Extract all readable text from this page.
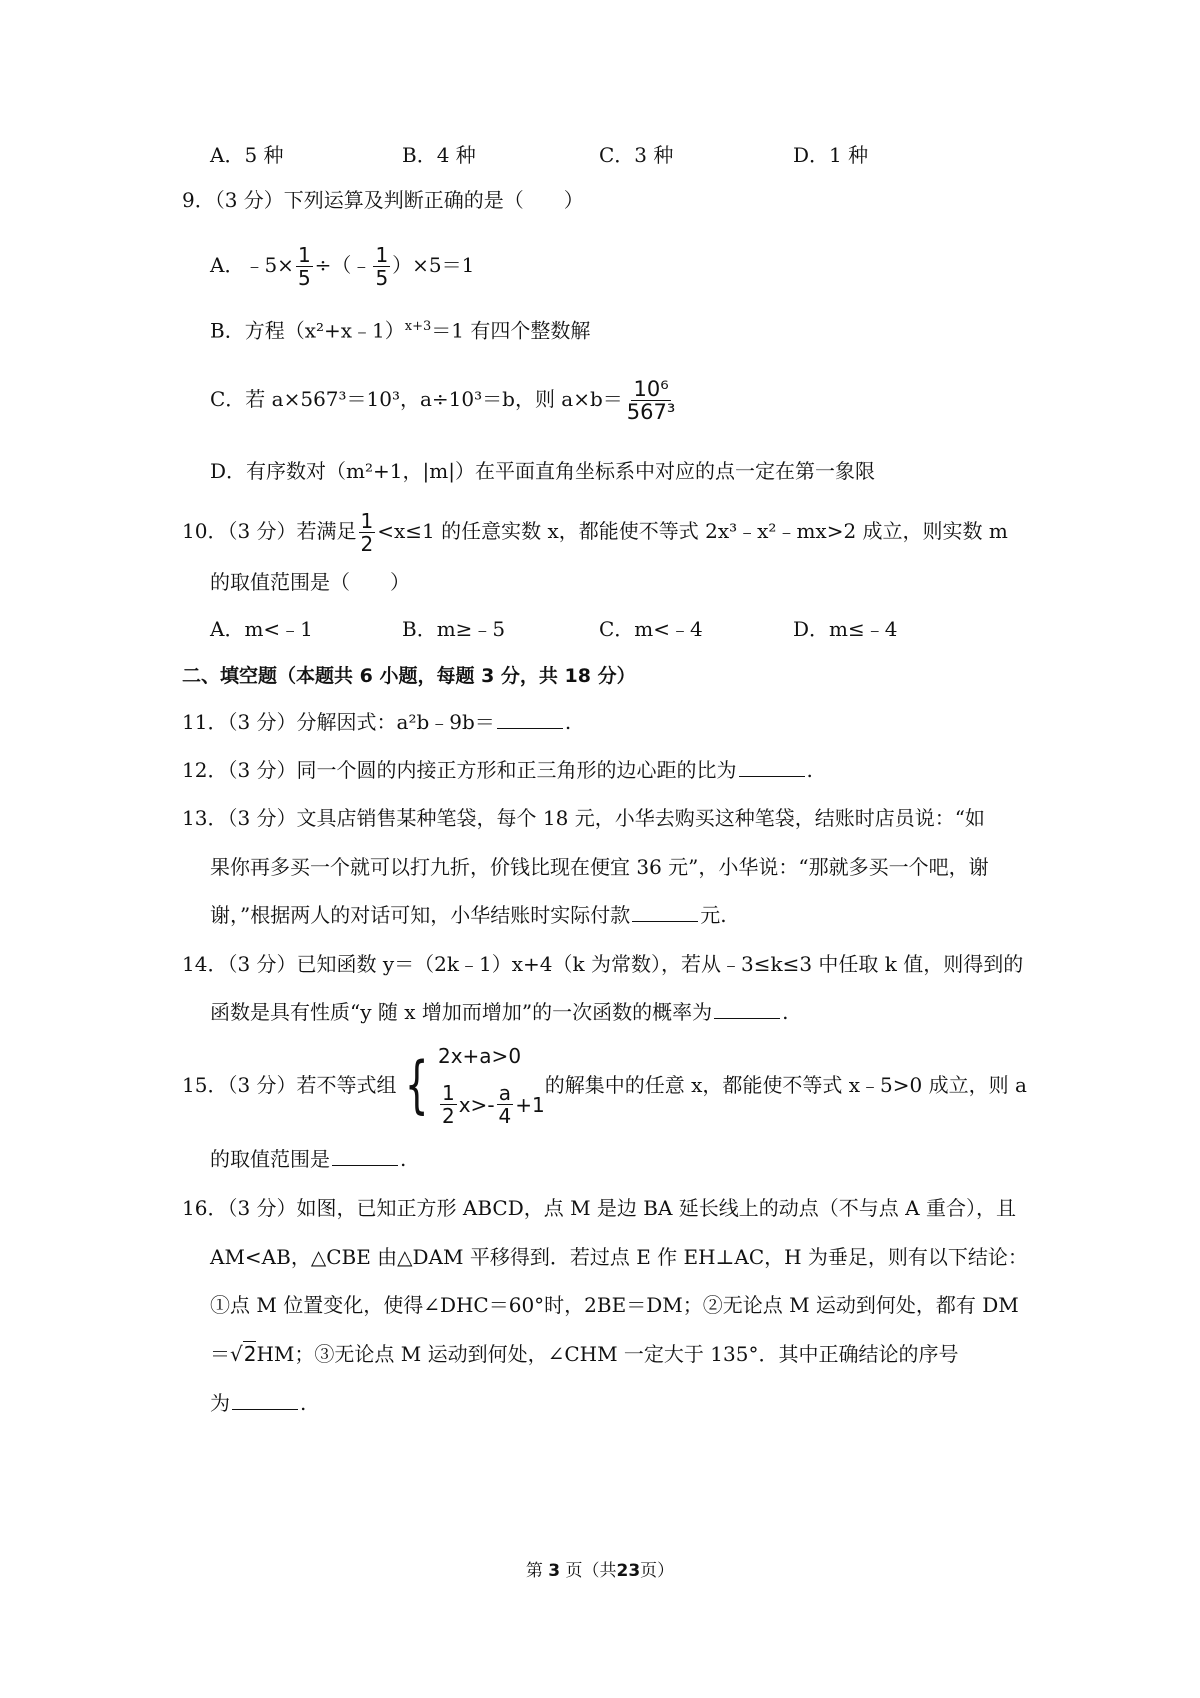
A．5 种	B．4 种	C．3 种	D．1 种
9．（3 分）下列运算及判断正确的是（　　）
A．﹣5× $\frac{1}{5}$ ÷（﹣ $\frac{1}{5} )\times 5=1$
B．方程（x²+x﹣1）$^{x+3}$＝1 有四个整数解
C．若 a×567³＝10³，a÷10³＝b，则 $a\times b= \frac{\text{10⁶}}{\text{567³}}$
D．有序数对（m²+1，|m|）在平面直角坐标系中对应的点一定在第一象限
10．（3 分）若满足 $\frac{1}{2} <x\le 1$ 的任意实数 x，都能使不等式 2x³﹣x²﹣mx>2 成立，则实数 m
的取值范围是（　　）
A．m<﹣1	B．m≥﹣5	C．m<﹣4	D．m≤﹣4
二、填空题（本题共 6 小题，每题 3 分，共 18 分）
11．（3 分）分解因式：a²b﹣9b＝	.
12．（3 分）同一个圆的内接正方形和正三角形的边心距的比为	.
13．（3 分）文具店销售某种笔袋，每个 18 元，小华去购买这种笔袋，结账时店员说：“如
果你再多买一个就可以打九折，价钱比现在便宜 36 元”，小华说：“那就多买一个吧，谢
谢，”根据两人的对话可知，小华结账时实际付款	元.
14．（3 分）已知函数 y＝（2k﹣1）x+4（k 为常数），若从﹣3≤k≤3 中任取 k 值，则得到的
函数是具有性质“y 随 x 增加而增加”的一次函数的概率为	.
15．（3 分）若不等式组 { 2x+a>0
$\frac{1}{2} x>- \frac{a}{4} +1$
的解集中的任意 x，都能使不等式 x﹣5>0 成立，则 a
的取值范围是	.
16．（3 分）如图，已知正方形 ABCD，点 M 是边 BA 延长线上的动点（不与点 A 重合），且
AM<AB，△CBE 由△DAM 平移得到．若过点 E 作 EH⊥AC，H 为垂足，则有以下结论：
①点 M 位置变化，使得∠DHC＝60°时，2BE＝DM；②无论点 M 运动到何处，都有 DM
＝√2HM；③无论点 M 运动到何处，∠CHM 一定大于 135°．其中正确结论的序号
为	.
第 3 页（共23页）
